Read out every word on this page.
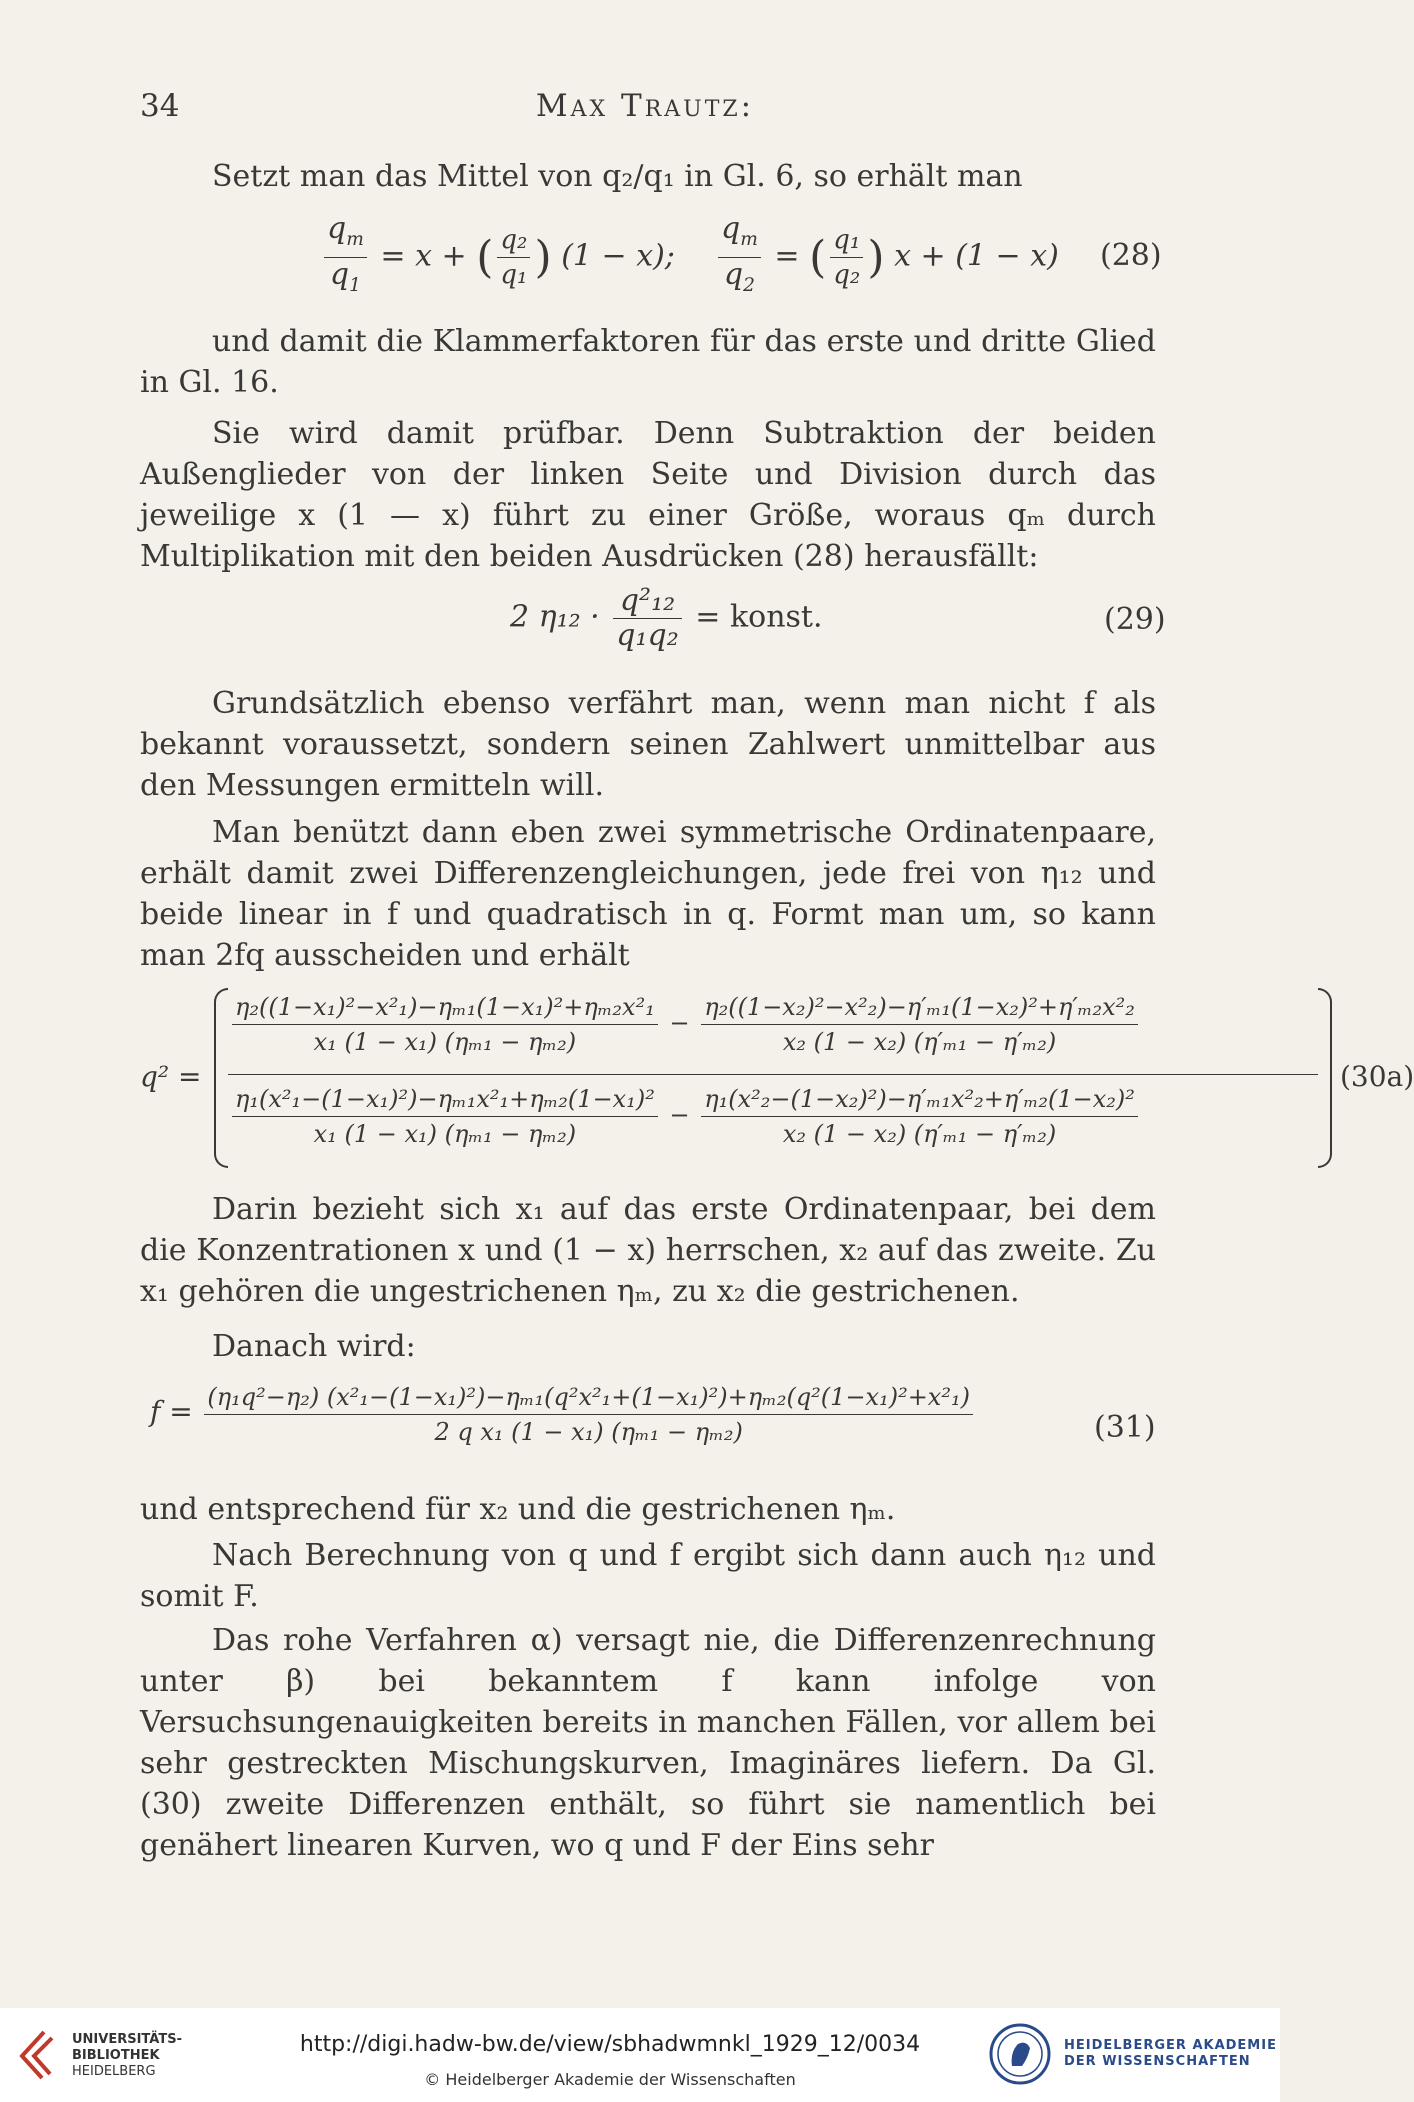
34	Max Trautz:
Setzt man das Mittel von q₂/q₁ in Gl. 6, so erhält man
$\frac{q_m}{q_1} = x$ + ( $\frac{\text{q₂}}{\text{q₁}}$ ) (1 − x); $\frac{q_m}{q_2}$ = ( $\frac{\text{q₁}}{\text{q₂}}$ ) x + (1 − x) (28)
und damit die Klammerfaktoren für das erste und dritte Glied in Gl. 16.
Sie wird damit prüfbar. Denn Subtraktion der beiden Außenglieder von der linken Seite und Division durch das jeweilige x (1 — x) führt zu einer Größe, woraus qₘ durch Multiplikation mit den beiden Ausdrücken (28) herausfällt:
2 $\eta_{12} \cdot \frac{\text{q²₁₂}}{\text{q₁q₂}}$ = konst.	(29)
Grundsätzlich ebenso verfährt man, wenn man nicht f als bekannt voraussetzt, sondern seinen Zahlwert unmittelbar aus den Messungen ermitteln will.
Man benützt dann eben zwei symmetrische Ordinatenpaare, erhält damit zwei Differenzengleichungen, jede frei von η₁₂ und beide linear in f und quadratisch in q. Formt man um, so kann man 2fq ausscheiden und erhält
q² =
$\frac{\text{η₂((1−x₁)²−x²₁)−ηₘ₁(1−x₁)²+ηₘ₂x²₁}}{\text{x₁ (1 − x₁) (ηₘ₁ − ηₘ₂)}} - \frac{\text{η₂((1−x₂)²−x²₂)−η′ₘ₁(1−x₂)²+η′ₘ₂x²₂}}{\text{x₂ (1 − x₂) (η′ₘ₁ − η′ₘ₂)}}$
$\frac{\text{η₁(x²₁−(1−x₁)²)−ηₘ₁x²₁+ηₘ₂(1−x₁)²}}{\text{x₁ (1 − x₁) (ηₘ₁ − ηₘ₂)}} - \frac{\text{η₁(x²₂−(1−x₂)²)−η′ₘ₁x²₂+η′ₘ₂(1−x₂)²}}{\text{x₂ (1 − x₂) (η′ₘ₁ − η′ₘ₂)}}$
(30a)
Darin bezieht sich x₁ auf das erste Ordinatenpaar, bei dem die Konzentrationen x und (1 − x) herrschen, x₂ auf das zweite. Zu x₁ gehören die ungestrichenen ηₘ, zu x₂ die gestrichenen.
Danach wird:
f = (η₁q²−η₂) (x²₁−(1−x₁)²)−ηₘ₁(q²x²₁+(1−x₁)²)+ηₘ₂(q²(1−x₁)²+x²₁)
2 q x₁ (1 − x₁) (ηₘ₁ − ηₘ₂)	(31)
und entsprechend für x₂ und die gestrichenen ηₘ.
Nach Berechnung von q und f ergibt sich dann auch η₁₂ und somit F.
Das rohe Verfahren α) versagt nie, die Differenzenrechnung unter β) bei bekanntem f kann infolge von Versuchsungenauigkeiten bereits in manchen Fällen, vor allem bei sehr gestreckten Mischungskurven, Imaginäres liefern. Da Gl. (30) zweite Differenzen enthält, so führt sie namentlich bei genähert linearen Kurven, wo q und F der Eins sehr
UNIVERSITÄTS-
BIBLIOTHEK
HEIDELBERG
http://digi.hadw-bw.de/view/sbhadwmnkl_1929_12/0034
© Heidelberger Akademie der Wissenschaften
HEIDELBERGER AKADEMIE
DER WISSENSCHAFTEN
